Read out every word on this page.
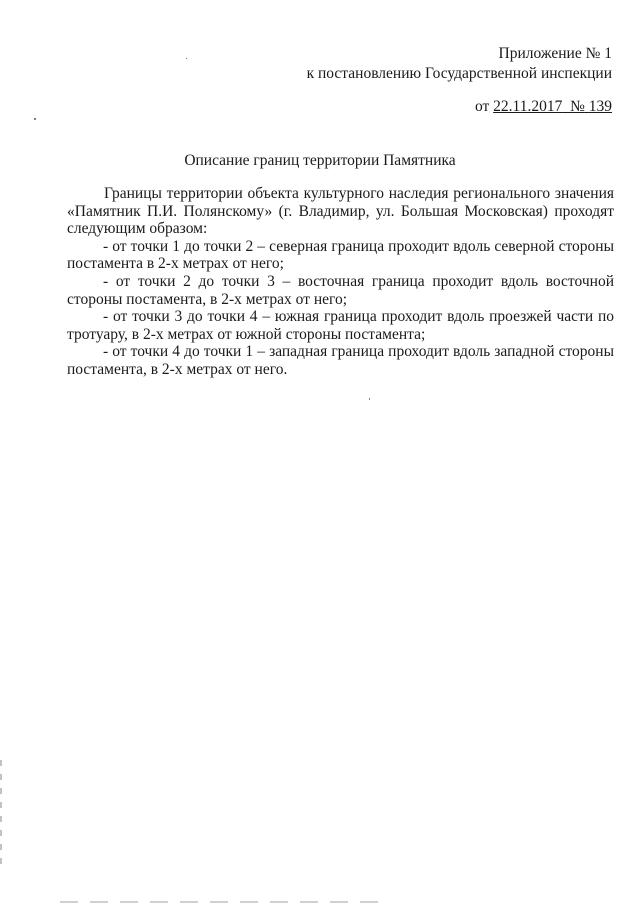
Приложение № 1
к постановлению Государственной инспекции
от 22.11.2017 № 139
Описание границ территории Памятника

Границы территории объекта культурного наследия регионального значения «Памятник П.И. Полянскому» (г. Владимир, ул. Большая Московская) проходят следующим образом:

- от точки 1 до точки 2 – северная граница проходит вдоль северной стороны постамента в 2-х метрах от него;

- от точки 2 до точки 3 – восточная граница проходит вдоль восточной стороны постамента, в 2-х метрах от него;

- от точки 3 до точки 4 – южная граница проходит вдоль проезжей части по тротуару, в 2-х метрах от южной стороны постамента;

- от точки 4 до точки 1 – западная граница проходит вдоль западной стороны постамента, в 2-х метрах от него.
